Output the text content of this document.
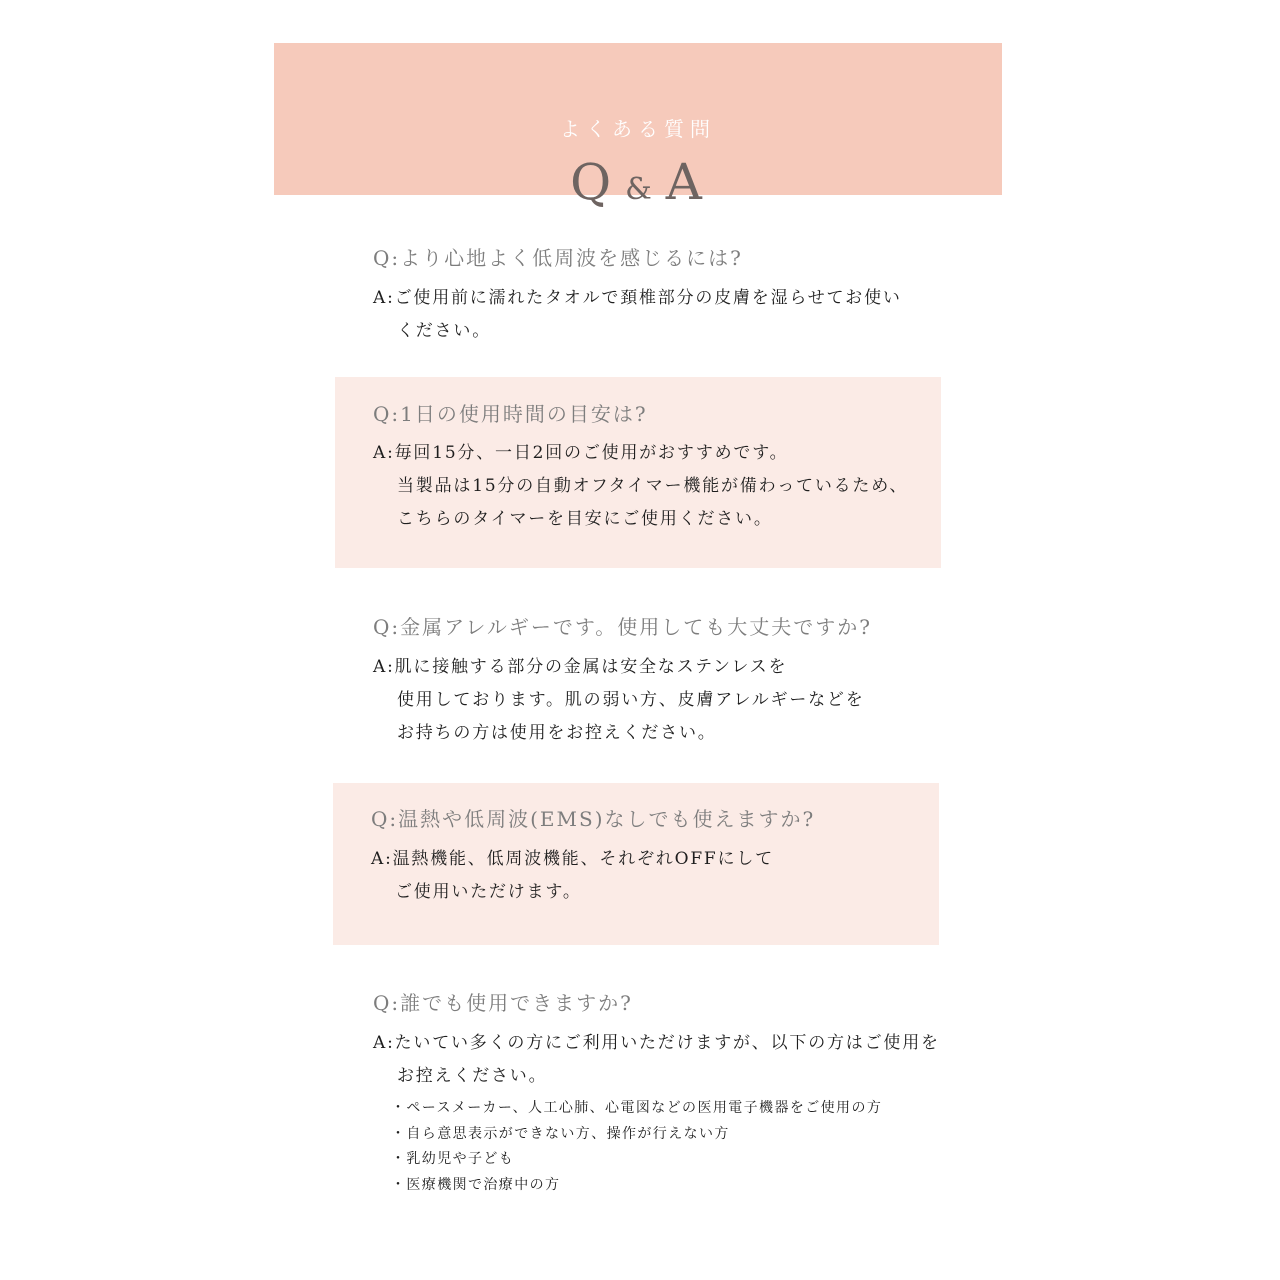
よくある質問
Q & A
Q:より心地よく低周波を感じるには?
A:ご使用前に濡れたタオルで頚椎部分の皮膚を湿らせてお使い
ください。
Q:1日の使用時間の目安は?
A:毎回15分、一日2回のご使用がおすすめです。
当製品は15分の自動オフタイマー機能が備わっているため、
こちらのタイマーを目安にご使用ください。
Q:金属アレルギーです。使用しても大丈夫ですか?
A:肌に接触する部分の金属は安全なステンレスを
使用しております。肌の弱い方、皮膚アレルギーなどを
お持ちの方は使用をお控えください。
Q:温熱や低周波(EMS)なしでも使えますか?
A:温熱機能、低周波機能、それぞれOFFにして
ご使用いただけます。
Q:誰でも使用できますか?
A:たいてい多くの方にご利用いただけますが、以下の方はご使用を
お控えください。
・ペースメーカー、人工心肺、心電図などの医用電子機器をご使用の方
・自ら意思表示ができない方、操作が行えない方
・乳幼児や子ども
・医療機関で治療中の方
